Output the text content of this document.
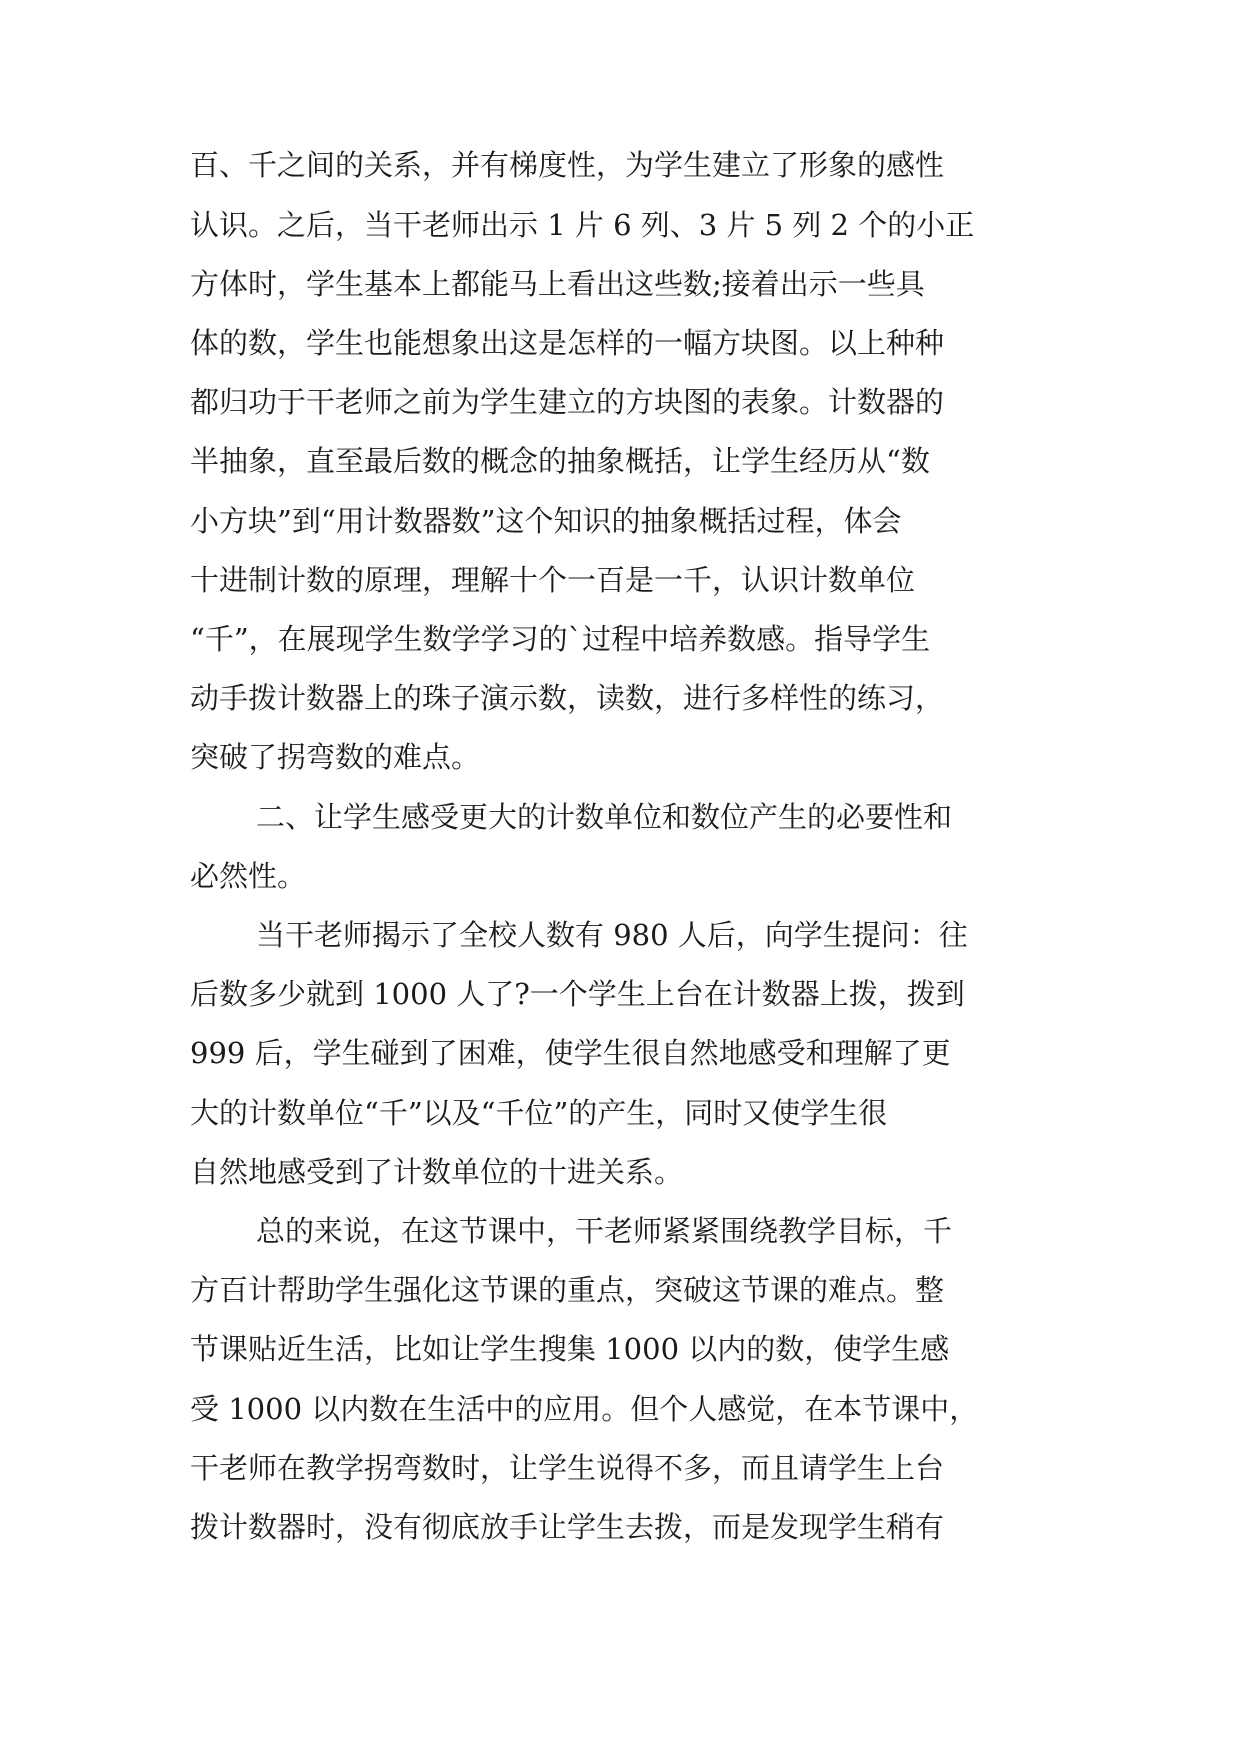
百、千之间的关系，并有梯度性，为学生建立了形象的感性
认识。之后，当干老师出示 1 片 6 列、3 片 5 列 2 个的小正
方体时，学生基本上都能马上看出这些数;接着出示一些具
体的数，学生也能想象出这是怎样的一幅方块图。以上种种
都归功于干老师之前为学生建立的方块图的表象。计数器的
半抽象，直至最后数的概念的抽象概括，让学生经历从“数
小方块”到“用计数器数”这个知识的抽象概括过程，体会
十进制计数的原理，理解十个一百是一千，认识计数单位
“千”，在展现学生数学学习的`过程中培养数感。指导学生
动手拨计数器上的珠子演示数，读数，进行多样性的练习，
突破了拐弯数的难点。
二、让学生感受更大的计数单位和数位产生的必要性和
必然性。
当干老师揭示了全校人数有 980 人后，向学生提问：往
后数多少就到 1000 人了?一个学生上台在计数器上拨，拨到
999 后，学生碰到了困难，使学生很自然地感受和理解了更
大的计数单位“千”以及“千位”的产生，同时又使学生很
自然地感受到了计数单位的十进关系。
总的来说，在这节课中，干老师紧紧围绕教学目标，千
方百计帮助学生强化这节课的重点，突破这节课的难点。整
节课贴近生活，比如让学生搜集 1000 以内的数，使学生感
受 1000 以内数在生活中的应用。但个人感觉，在本节课中，
干老师在教学拐弯数时，让学生说得不多，而且请学生上台
拨计数器时，没有彻底放手让学生去拨，而是发现学生稍有
